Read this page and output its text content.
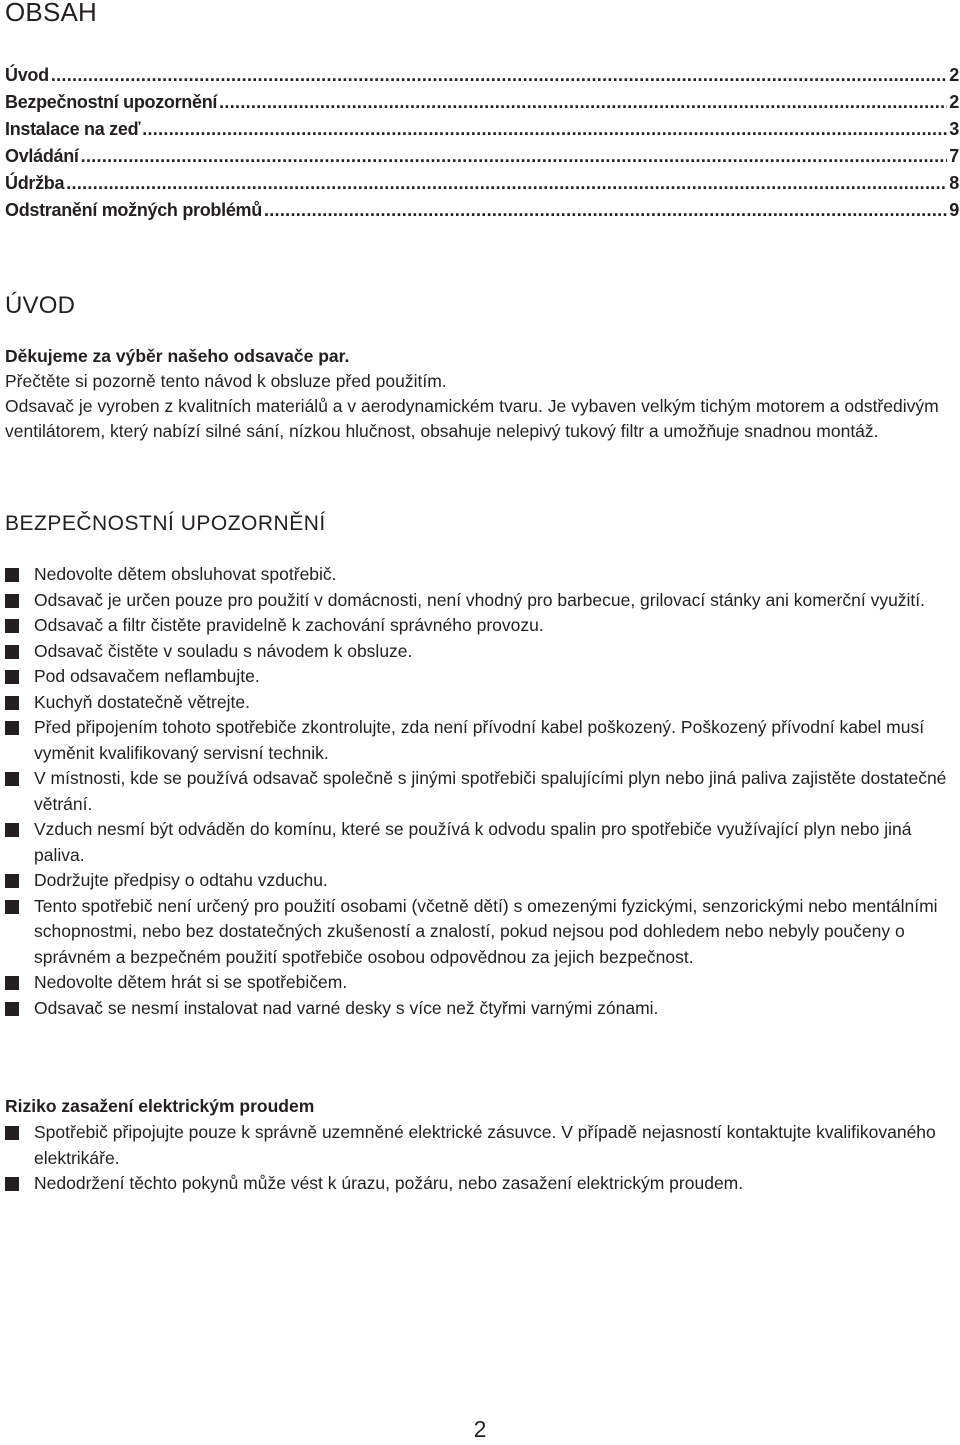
OBSAH
Úvod .....	2
Bezpečnostní upozornění .....	2
Instalace na zeď .....	3
Ovládání .....	7
Údržba .....	8
Odstranění možných problémů .....	9
ÚVOD

Děkujeme za výběr našeho odsavače par.

Přečtěte si pozorně tento návod k obsluze před použitím.

Odsavač je vyroben z kvalitních materiálů a v aerodynamickém tvaru. Je vybaven velkým tichým motorem a odstředivým ventilátorem, který nabízí silné sání, nízkou hlučnost, obsahuje nelepivý tukový filtr a umožňuje snadnou montáž.

BEZPEČNOSTNÍ UPOZORNĚNÍ
Nedovolte dětem obsluhovat spotřebič.
Odsavač je určen pouze pro použití v domácnosti, není vhodný pro barbecue, grilovací stánky ani komerční využití.
Odsavač a filtr čistěte pravidelně k zachování správného provozu.
Odsavač čistěte v souladu s návodem k obsluze.
Pod odsavačem neflambujte.
Kuchyň dostatečně větrejte.
Před připojením tohoto spotřebiče zkontrolujte, zda není přívodní kabel poškozený. Poškozený přívodní kabel musí vyměnit kvalifikovaný servisní technik.
V místnosti, kde se používá odsavač společně s jinými spotřebiči spalujícími plyn nebo jiná paliva zajistěte dostatečné větrání.
Vzduch nesmí být odváděn do komínu, které se používá k odvodu spalin pro spotřebiče využívající plyn nebo jiná paliva.
Dodržujte předpisy o odtahu vzduchu.
Tento spotřebič není určený pro použití osobami (včetně dětí) s omezenými fyzickými, senzorickými nebo mentálními schopnostmi, nebo bez dostatečných zkušeností a znalostí, pokud nejsou pod dohledem nebo nebyly poučeny o správném a bezpečném použití spotřebiče osobou odpovědnou za jejich bezpečnost.
Nedovolte dětem hrát si se spotřebičem.
Odsavač se nesmí instalovat nad varné desky s více než čtyřmi varnými zónami.
Riziko zasažení elektrickým proudem
Spotřebič připojujte pouze k správně uzemněné elektrické zásuvce. V případě nejasností kontaktujte kvalifikovaného elektrikáře.
Nedodržení těchto pokynů může vést k úrazu, požáru, nebo zasažení elektrickým proudem.
2
